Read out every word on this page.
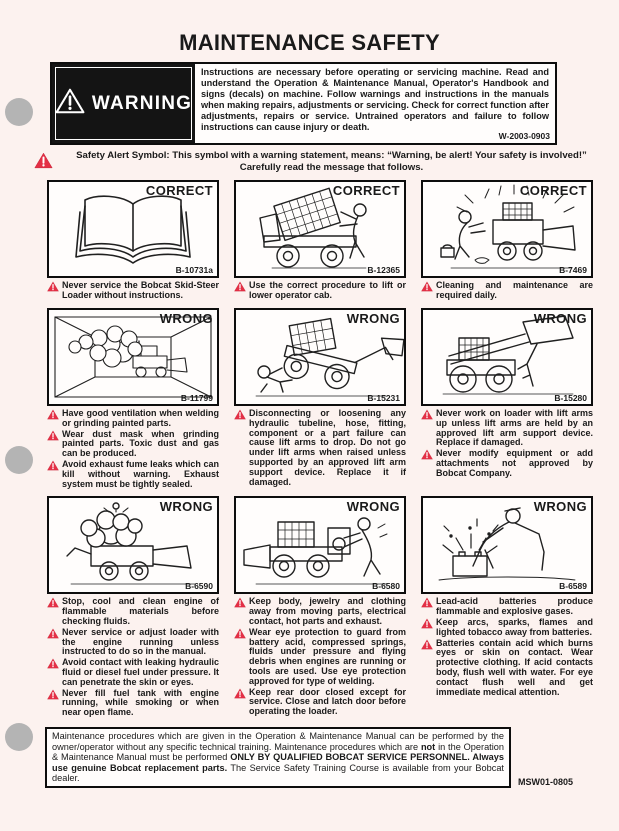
MAINTENANCE SAFETY
WARNING

Instructions are necessary before operating or servicing machine. Read and understand the Operation & Maintenance Manual, Operator's Handbook and signs (decals) on machine. Follow warnings and instructions in the manuals when making repairs, adjustments or servicing. Check for correct function after adjustments, repairs or service. Untrained operators and failure to follow instructions can cause injury or death.

W-2003-0903

Safety Alert Symbol: This symbol with a warning statement, means: “Warning, be alert! Your safety is involved!” Carefully read the message that follows.

CORRECT
B-10731a
Never service the Bobcat Skid-Steer Loader without instructions.
CORRECT
B-12365
Use the correct procedure to lift or lower operator cab.
CORRECT
B-7469
Cleaning and maintenance are required daily.
WRONG
B-11799
Have good ventilation when welding or grinding painted parts.
Wear dust mask when grinding painted parts. Toxic dust and gas can be produced.
Avoid exhaust fume leaks which can kill without warning. Exhaust system must be tightly sealed.
WRONG
B-15231
Disconnecting or loosening any hydraulic tubeline, hose, fitting, component or a part failure can cause lift arms to drop. Do not go under lift arms when raised unless supported by an approved lift arm support device. Replace it if damaged.
WRONG
B-15280
Never work on loader with lift arms up unless lift arms are held by an approved lift arm support device. Replace if damaged.
Never modify equipment or add attachments not approved by Bobcat Company.
WRONG
B-6590
Stop, cool and clean engine of flammable materials before checking fluids.
Never service or adjust loader with the engine running unless instructed to do so in the manual.
Avoid contact with leaking hydraulic fluid or diesel fuel under pressure. It can penetrate the skin or eyes.
Never fill fuel tank with engine running, while smoking or when near open flame.
WRONG
B-6580
Keep body, jewelry and clothing away from moving parts, electrical contact, hot parts and exhaust.
Wear eye protection to guard from battery acid, compressed springs, fluids under pressure and flying debris when engines are running or tools are used. Use eye protection approved for type of welding.
Keep rear door closed except for service. Close and latch door before operating the loader.
WRONG
B-6589
Lead-acid batteries produce flammable and explosive gases.
Keep arcs, sparks, flames and lighted tobacco away from batteries.
Batteries contain acid which burns eyes or skin on contact. Wear protective clothing. If acid contacts body, flush well with water. For eye contact flush well and get immediate medical attention.

Maintenance procedures which are given in the Operation & Maintenance Manual can be performed by the owner/operator without any specific technical training. Maintenance procedures which are not in the Operation & Maintenance Manual must be performed ONLY BY QUALIFIED BOBCAT SERVICE PERSONNEL. Always use genuine Bobcat replacement parts. The Service Safety Training Course is available from your Bobcat dealer.	MSW01-0805
